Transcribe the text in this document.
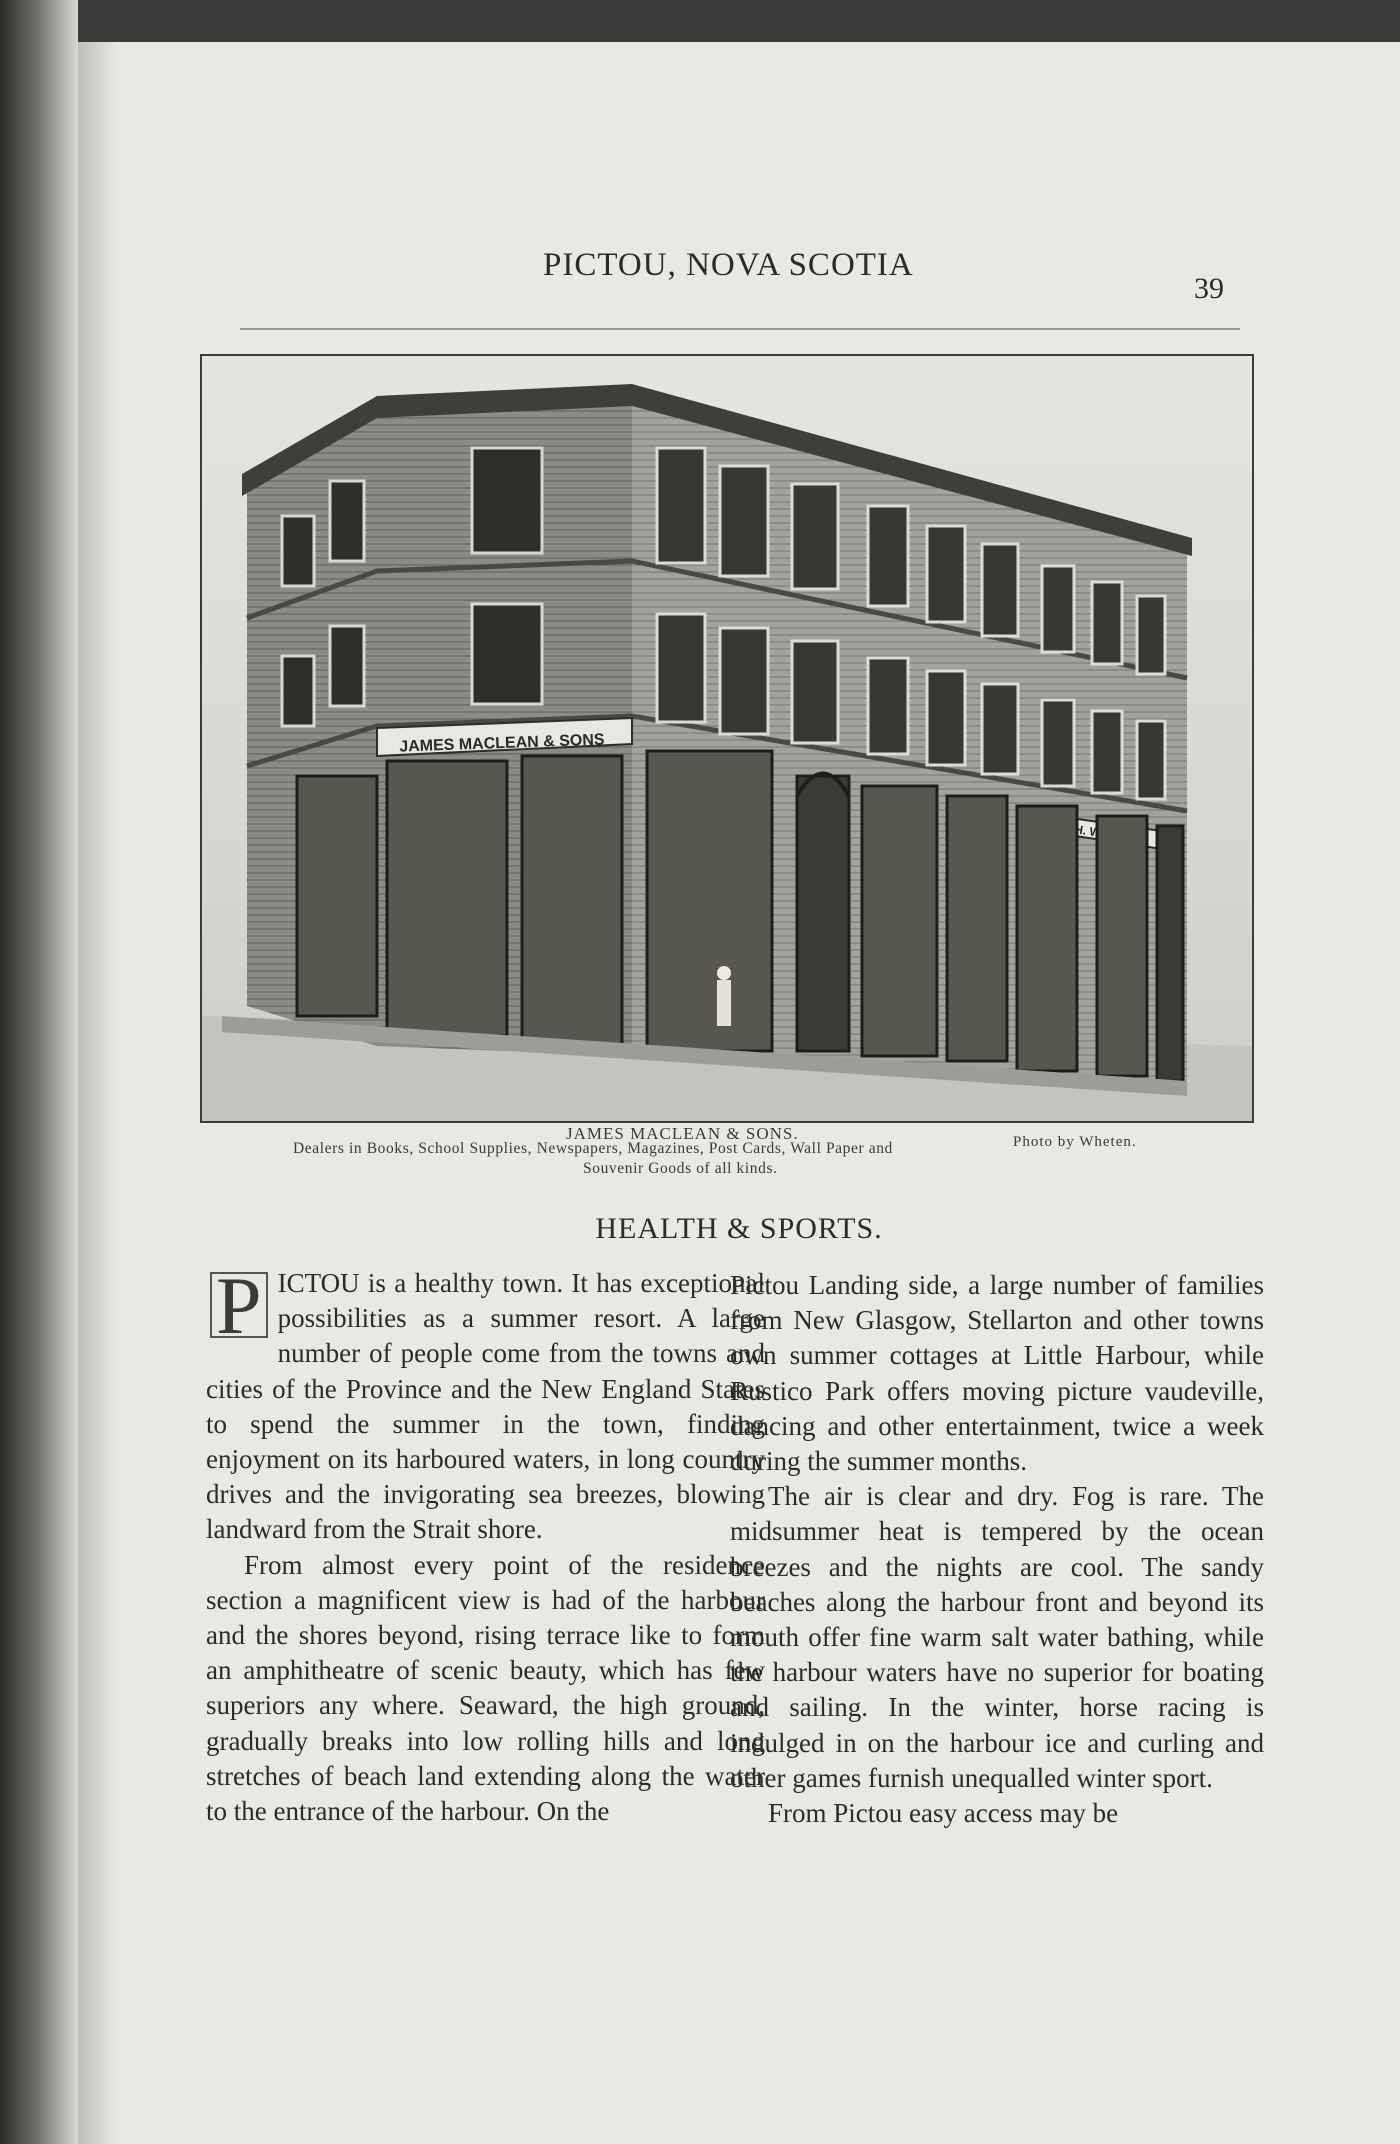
PICTOU, NOVA SCOTIA
39
JAMES MACLEAN & SONS
H.
JAMES MACLEAN & SONS.	Photo by Wheten.
Dealers in Books, School Supplies, Newspapers, Magazines, Post Cards, Wall Paper and
Souvenir Goods of all kinds.
HEALTH & SPORTS.

P ICTOU is a healthy town. It has exceptional possibilities as a summer resort. A large number of people come from the towns and cities of the Province and the New England States to spend the summer in the town, finding enjoyment on its harboured waters, in long country drives and the invigorating sea breezes, blowing landward from the Strait shore.

From almost every point of the residence section a magnificent view is had of the harbour and the shores beyond, rising terrace like to form an amphitheatre of scenic beauty, which has few superiors any where. Seaward, the high ground, gradually breaks into low rolling hills and long stretches of beach land extending along the water to the entrance of the harbour. On the

Pictou Landing side, a large number of families from New Glasgow, Stellarton and other towns own summer cottages at Little Harbour, while Rustico Park offers moving picture vaudeville, dancing and other entertainment, twice a week during the summer months.

The air is clear and dry. Fog is rare. The midsummer heat is tempered by the ocean breezes and the nights are cool. The sandy beaches along the harbour front and beyond its mouth offer fine warm salt water bathing, while the harbour waters have no superior for boating and sailing. In the winter, horse racing is indulged in on the harbour ice and curling and other games furnish unequalled winter sport.

From Pictou easy access may be
